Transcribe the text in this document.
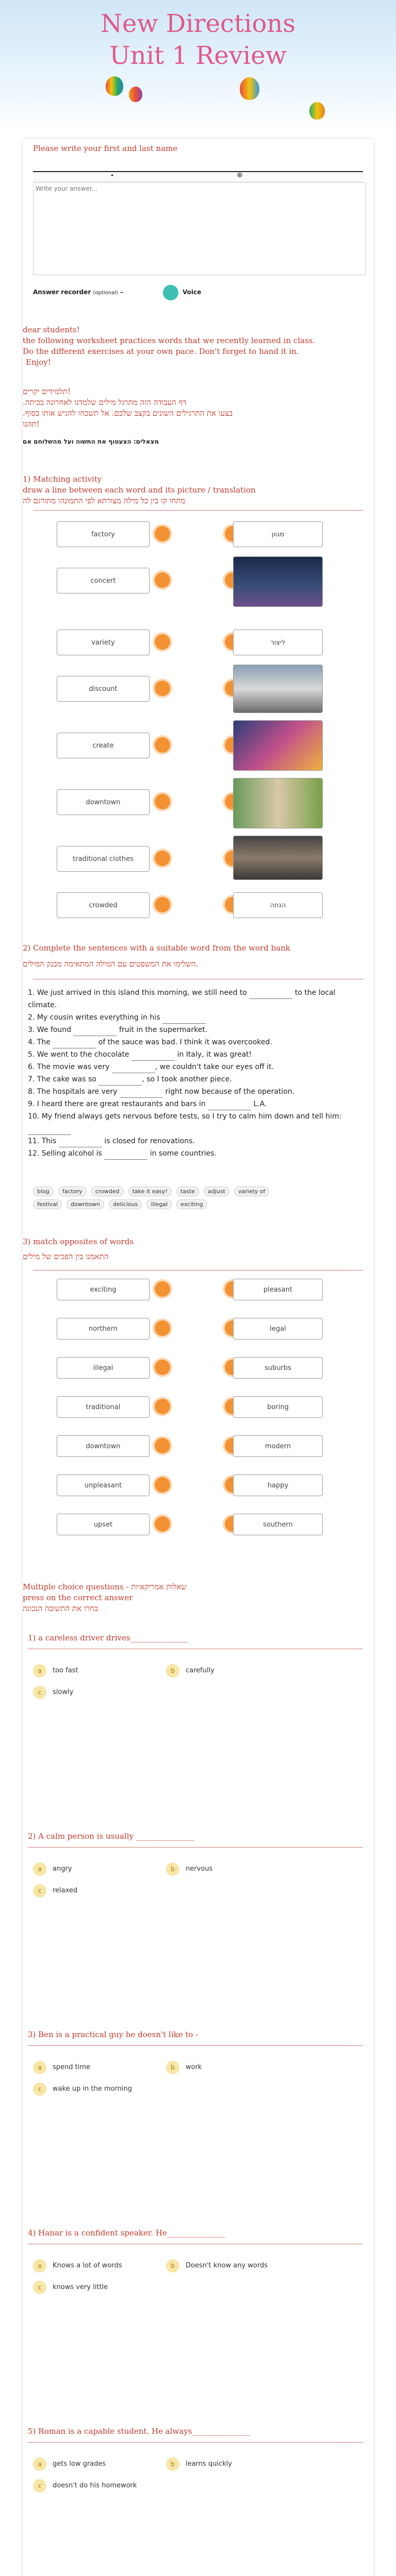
New Directions
Unit 1 Review
Please write your first and last name
•	⊕
Write your answer...
Answer recorder (optional) –	Voice
dear students!
the following worksheet practices words that we recently learned in class.
Do the different exercises at your own pace. Don't forget to hand it in.
Enjoy!
!תלמידים יקרים
דף העבודה הזה מתרגל מילים שלמדנו לאחרונה בכיתה.
בצעו את התרגילים השונים בקצב שלכם. אל תשכחו להגיש אותו בסוף.
!תהנו
מצאלים: הצעטוף את התשוה ועל מהשלוחם אם
1) Matching activity
draw a line between each word and its picture / translation
מתחו קו בין כל מילה מצורתא לפי התמונהו מתורגם לה
factory	מגוון
concert
variety	ליצור
discount
create
downtown
traditional clothes
crowded	הנחה
2) Complete the sentences with a suitable word from the word bank
.השלימו את המשפטים עם המילה המתאימה מבנק המילים
1. We just arrived in this island this morning, we still need to	to the local climate.
2. My cousin writes everything in his
3. We found	fruit in the supermarket.
4. The	of the sauce was bad. I think it was overcooked.
5. We went to the chocolate	in Italy, it was great!
6. The movie was very	, we couldn't take our eyes off it.
7. The cake was so	, so I took another piece.
8. The hospitals are very	right now because of the operation.
9. I heard there are great restaurants and bars in	L.A.
10. My friend always gets nervous before tests, so I try to calm him down and tell him:
11. This	is closed for renovations.
12. Selling alcohol is	in some countries.
blog factory crowded take it easy! taste adjust variety of
festival downtown delicious illegal exciting
3) match opposites of words
התאמנו בין הפכים של מילים
exciting	pleasant
northern	legal
illegal	suburbs
traditional	boring
downtown	modern
unpleasant	happy
upset	southern
Multiple choice questions - שאלות אמריקאיות
press on the correct answer
בחרו את התשובה הנכונה
1) a careless driver drives_______________
a	too fast	b	carefully
c	slowly
2) A calm person is usually _______________
a	angry	b	nervous
c	relaxed
3) Ben is a practical guy he doesn't like to -
a	spend time	b	work
c	wake up in the morning
4) Hanar is a confident speaker. He_______________
a	Knows a lot of words	b	Doesn't know any words
c	knows very little
5) Roman is a capable student. He always_______________
a	gets low grades	b	learns quickly
c	doesn't do his homework
